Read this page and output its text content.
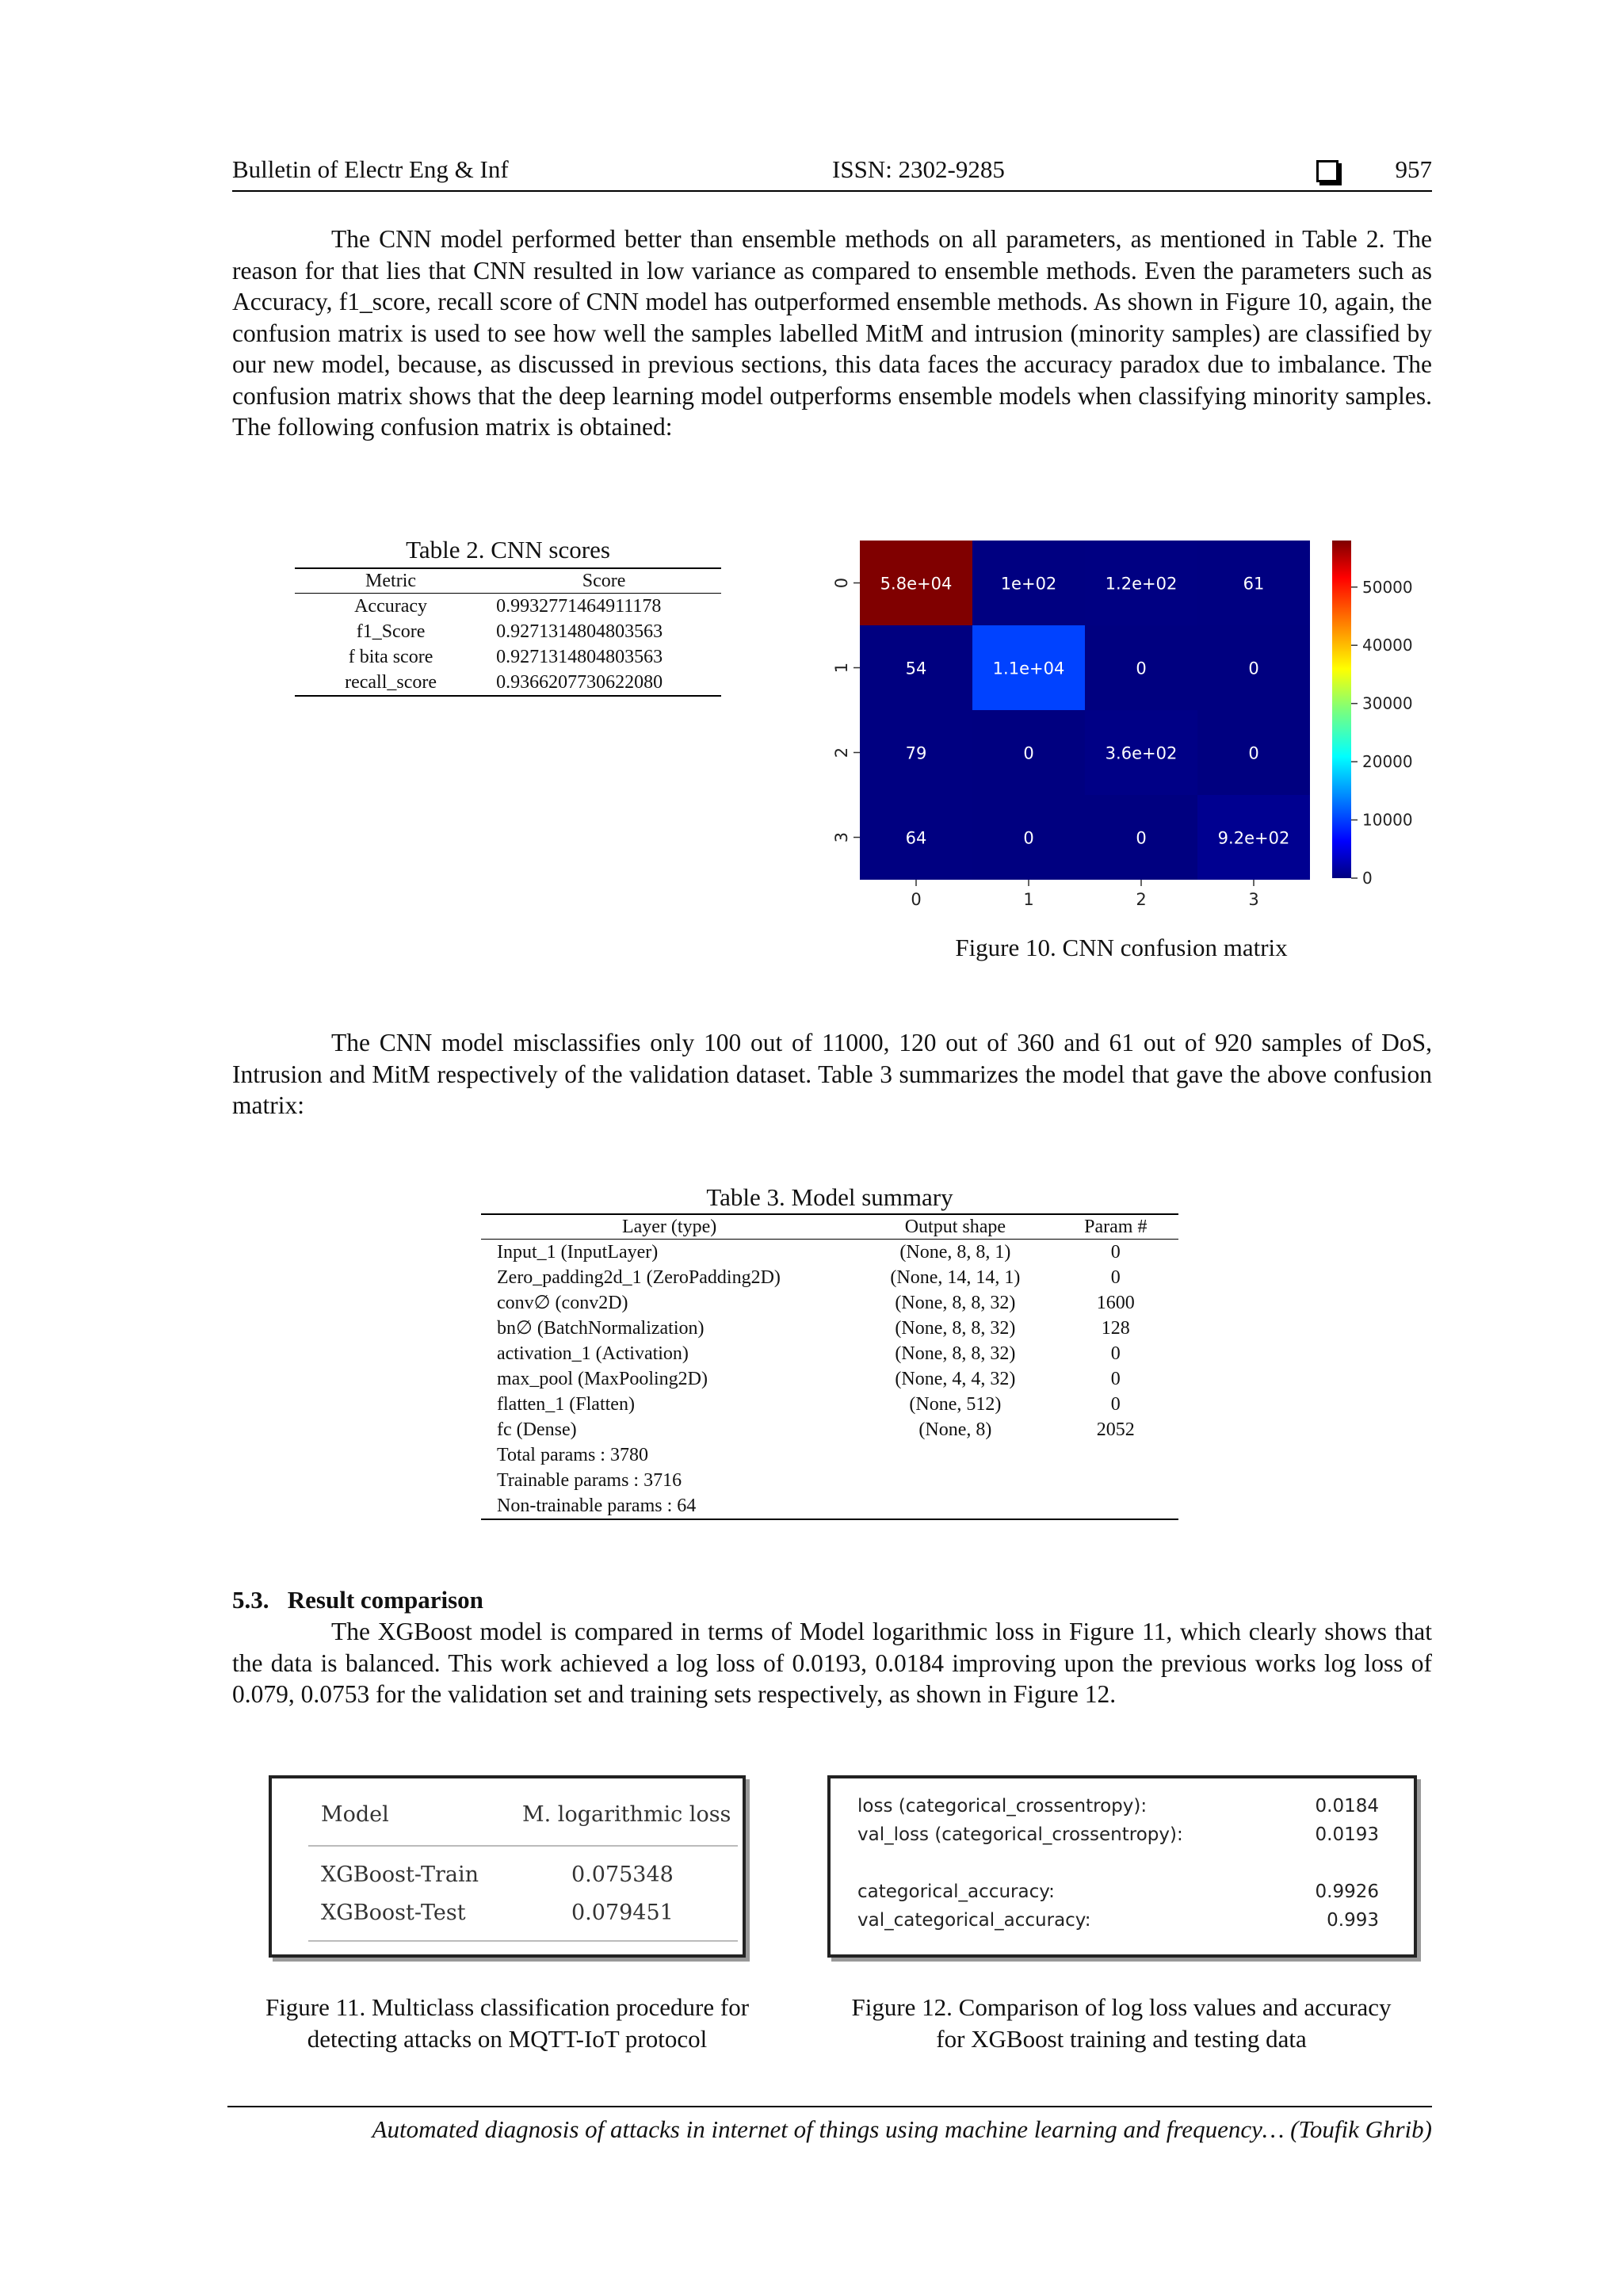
Bulletin of Electr Eng & Inf	ISSN: 2302-9285	957
The CNN model performed better than ensemble methods on all parameters, as mentioned in Table 2. The reason for that lies that CNN resulted in low variance as compared to ensemble methods. Even the parameters such as Accuracy, f1_score, recall score of CNN model has outperformed ensemble methods. As shown in Figure 10, again, the confusion matrix is used to see how well the samples labelled MitM and intrusion (minority samples) are classified by our new model, because, as discussed in previous sections, this data faces the accuracy paradox due to imbalance. The confusion matrix shows that the deep learning model outperforms ensemble models when classifying minority samples. The following confusion matrix is obtained:
Table 2. CNN scores
Metric	Score
Accuracy	0.9932771464911178
f1_Score	0.9271314804803563
f bita score	0.9271314804803563
recall_score	0.9366207730622080
5.8e+04	1e+02	1.2e+02	61
54	1.1e+04	0	0
79	0	3.6e+02	0
64	0	0	9.2e+02
0	1	2	3
0
1
2
3
50000
40000
30000
20000
10000
0
Figure 10. CNN confusion matrix
The CNN model misclassifies only 100 out of 11000, 120 out of 360 and 61 out of 920 samples of DoS, Intrusion and MitM respectively of the validation dataset. Table 3 summarizes the model that gave the above confusion matrix:
Table 3. Model summary
Layer (type)	Output shape	Param #
Input_1 (InputLayer)	(None, 8, 8, 1)	0
Zero_padding2d_1 (ZeroPadding2D)	(None, 14, 14, 1)	0
conv∅ (conv2D)	(None, 8, 8, 32)	1600
bn∅ (BatchNormalization)	(None, 8, 8, 32)	128
activation_1 (Activation)	(None, 8, 8, 32)	0
max_pool (MaxPooling2D)	(None, 4, 4, 32)	0
flatten_1 (Flatten)	(None, 512)	0
fc (Dense)	(None, 8)	2052
Total params : 3780		
Trainable params : 3716		
Non-trainable params : 64		
5.3.   Result comparison
The XGBoost model is compared in terms of Model logarithmic loss in Figure 11, which clearly shows that the data is balanced. This work achieved a log loss of 0.0193, 0.0184 improving upon the previous works log loss of 0.079, 0.0753 for the validation set and training sets respectively, as shown in Figure 12.
Model	M. logarithmic loss
XGBoost-Train	0.075348
XGBoost-Test	0.079451
Figure 11. Multiclass classification procedure for
detecting attacks on MQTT-IoT protocol
loss (categorical_crossentropy):	0.0184
val_loss (categorical_crossentropy):	0.0193
categorical_accuracy:	0.9926
val_categorical_accuracy:	0.993
Figure 12. Comparison of log loss values and accuracy
for XGBoost training and testing data
Automated diagnosis of attacks in internet of things using machine learning and frequency… (Toufik Ghrib)
